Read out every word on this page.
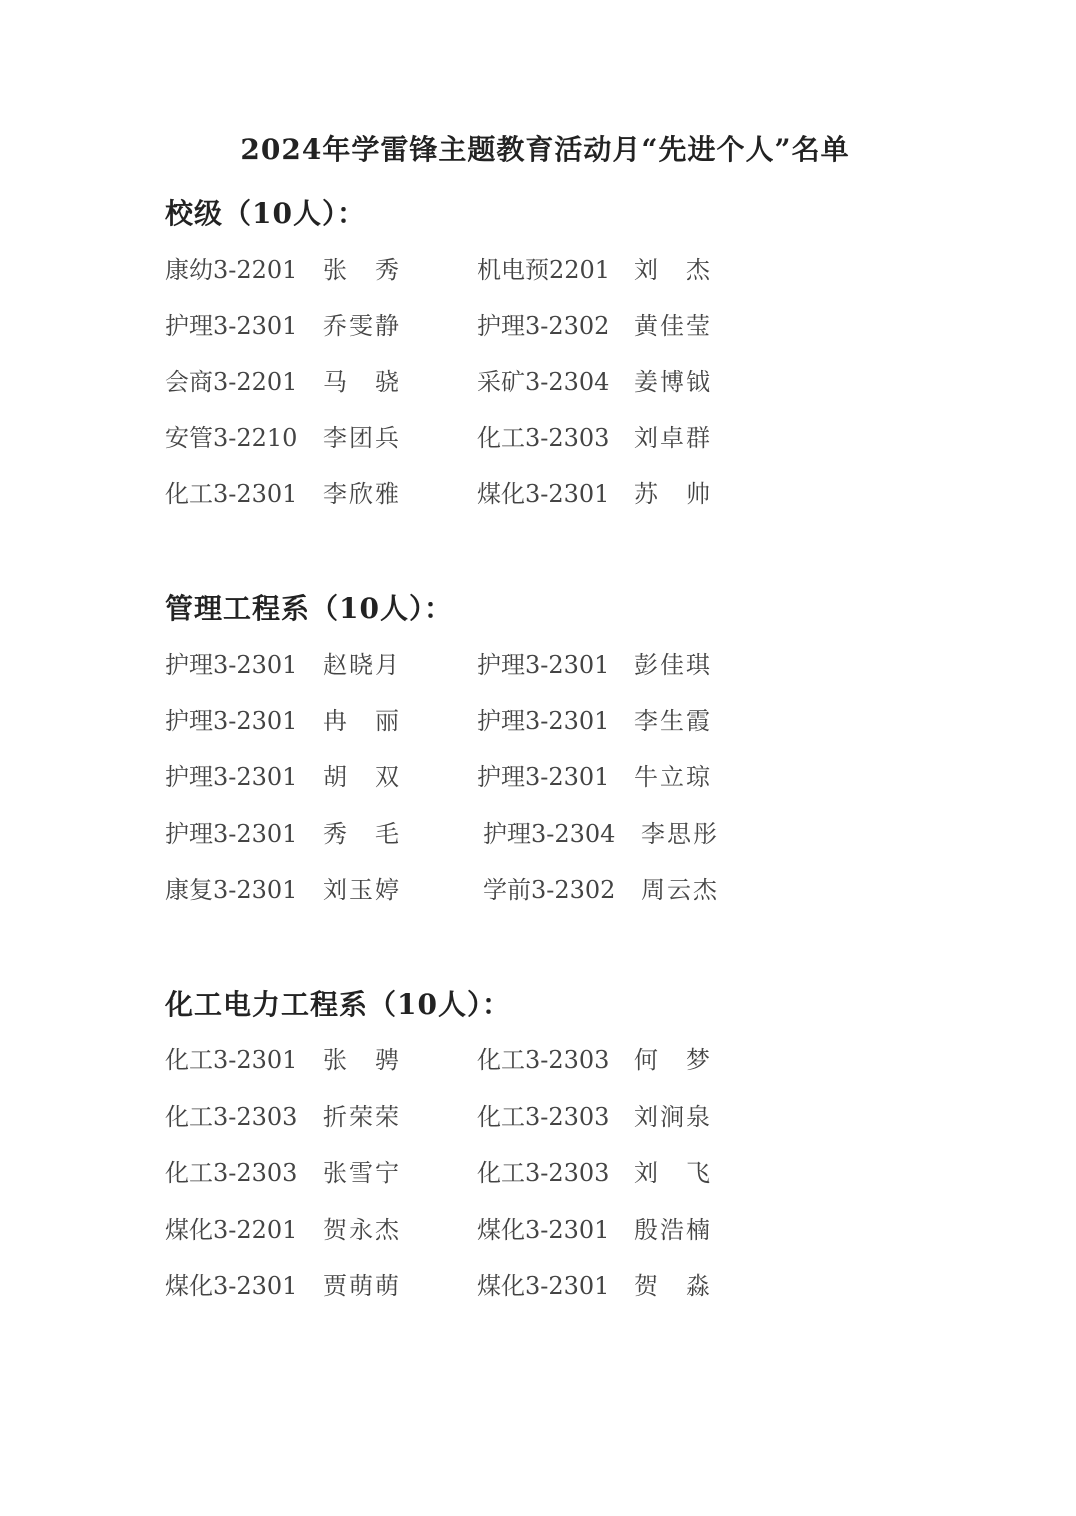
2024年学雷锋主题教育活动月“先进个人”名单
校级（10人）：
康幼3-2201 张　秀	机电预2201 刘　杰
护理3-2301 乔雯静	护理3-2302 黄佳莹
会商3-2201 马　骁	采矿3-2304 姜博钺
安管3-2210 李团兵	化工3-2303 刘卓群
化工3-2301 李欣雅	煤化3-2301 苏　帅
管理工程系（10人）：
护理3-2301 赵晓月	护理3-2301 彭佳琪
护理3-2301 冉　丽	护理3-2301 李生霞
护理3-2301 胡　双	护理3-2301 牛立琼
护理3-2301 秀　毛	护理3-2304 李思彤
康复3-2301 刘玉婷	学前3-2302 周云杰
化工电力工程系（10人）：
化工3-2301 张　骋	化工3-2303 何　梦
化工3-2303 折荣荣	化工3-2303 刘涧泉
化工3-2303 张雪宁	化工3-2303 刘　飞
煤化3-2201 贺永杰	煤化3-2301 殷浩楠
煤化3-2301 贾萌萌	煤化3-2301 贺　淼
